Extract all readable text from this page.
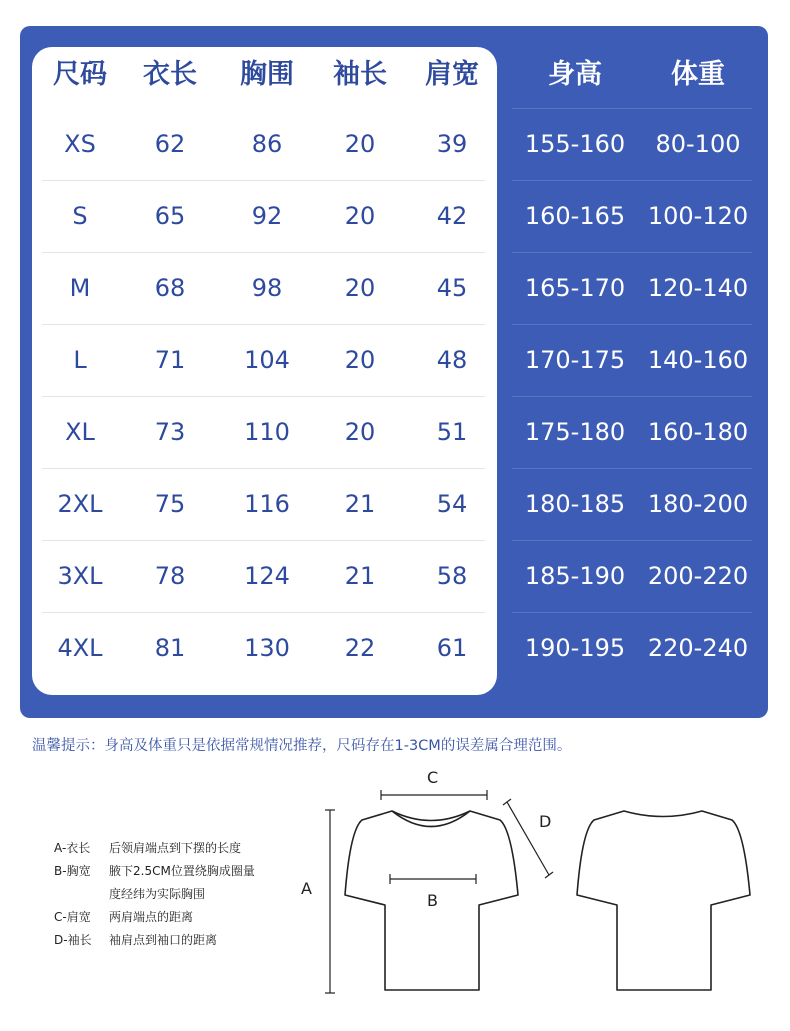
尺码	衣长	胸围	袖长	肩宽	身高	体重
XS	62	86	20	39	155-160	80-100
S	65	92	20	42	160-165 100-120
M	68	98	20	45	165-170 120-140
L	71	104	20	48	170-175 140-160
XL	73	110	20	51	175-180 160-180
2XL	75	116	21	54	180-185 180-200
3XL	78	124	21	58	185-190 200-220
4XL	81	130	22	61	190-195 220-240
温馨提示：身高及体重只是依据常规情况推荐，尺码存在1-3CM的误差属合理范围。
A-衣长 后领肩端点到下摆的长度
B-胸宽 腋下2.5CM位置绕胸成圈量
度经纬为实际胸围
C-肩宽 两肩端点的距离
D-袖长 袖肩点到袖口的距离
A
C
B
D
